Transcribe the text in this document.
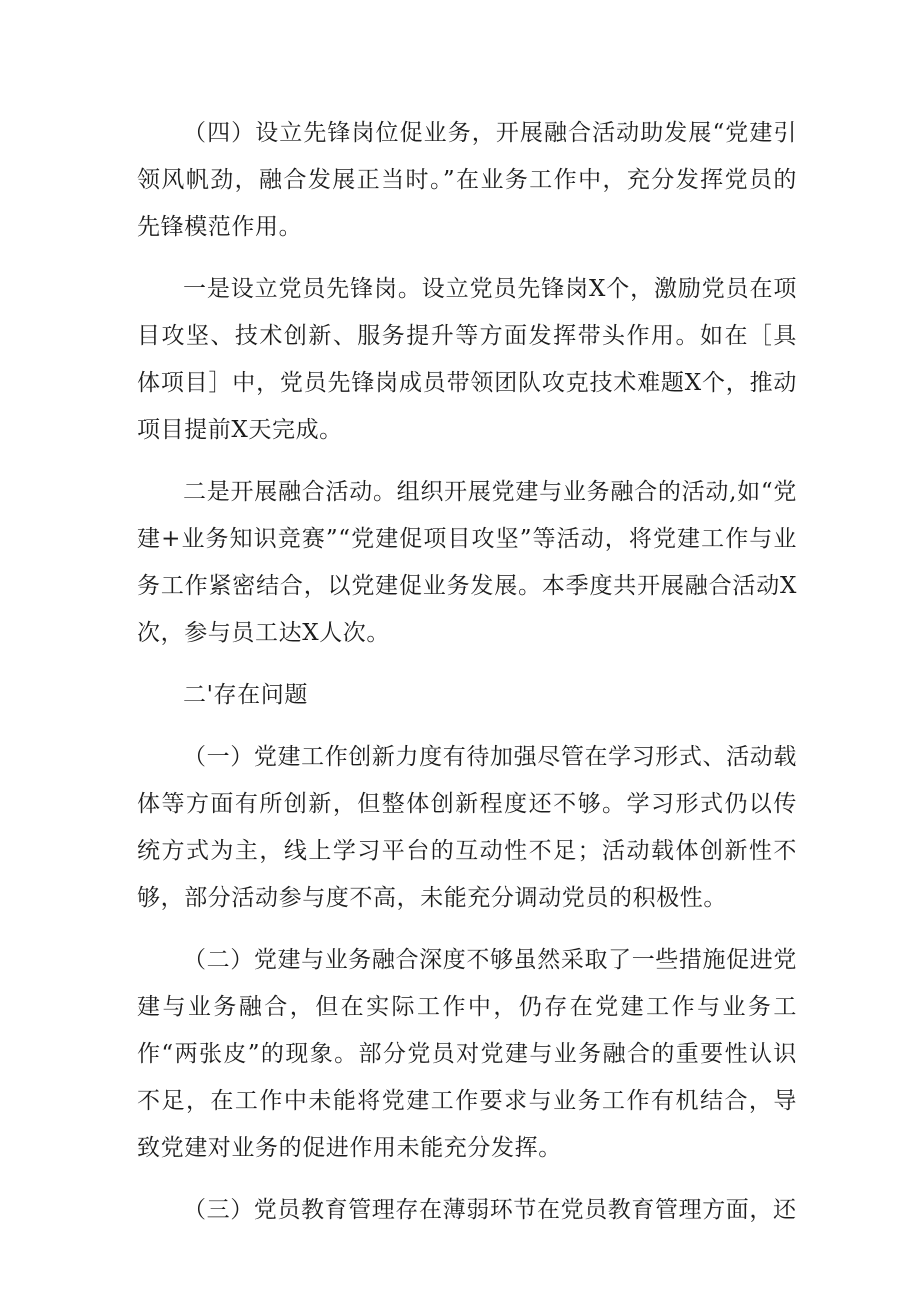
（四）设立先锋岗位促业务，开展融合活动助发展“党建引领风帆劲，融合发展正当时。”在业务工作中，充分发挥党员的先锋模范作用。

一是设立党员先锋岗。设立党员先锋岗X个，激励党员在项目攻坚、技术创新、服务提升等方面发挥带头作用。如在［具体项目］中，党员先锋岗成员带领团队攻克技术难题X个，推动项目提前X天完成。

二是开展融合活动。组织开展党建与业务融合的活动,如“党建+业务知识竞赛”“党建促项目攻坚”等活动，将党建工作与业务工作紧密结合，以党建促业务发展。本季度共开展融合活动X次，参与员工达X人次。

二'存在问题

（一）党建工作创新力度有待加强尽管在学习形式、活动载体等方面有所创新，但整体创新程度还不够。学习形式仍以传统方式为主，线上学习平台的互动性不足；活动载体创新性不够，部分活动参与度不高，未能充分调动党员的积极性。

（二）党建与业务融合深度不够虽然采取了一些措施促进党建与业务融合，但在实际工作中，仍存在党建工作与业务工作“两张皮”的现象。部分党员对党建与业务融合的重要性认识不足，在工作中未能将党建工作要求与业务工作有机结合，导致党建对业务的促进作用未能充分发挥。

（三）党员教育管理存在薄弱环节在党员教育管理方面，还
